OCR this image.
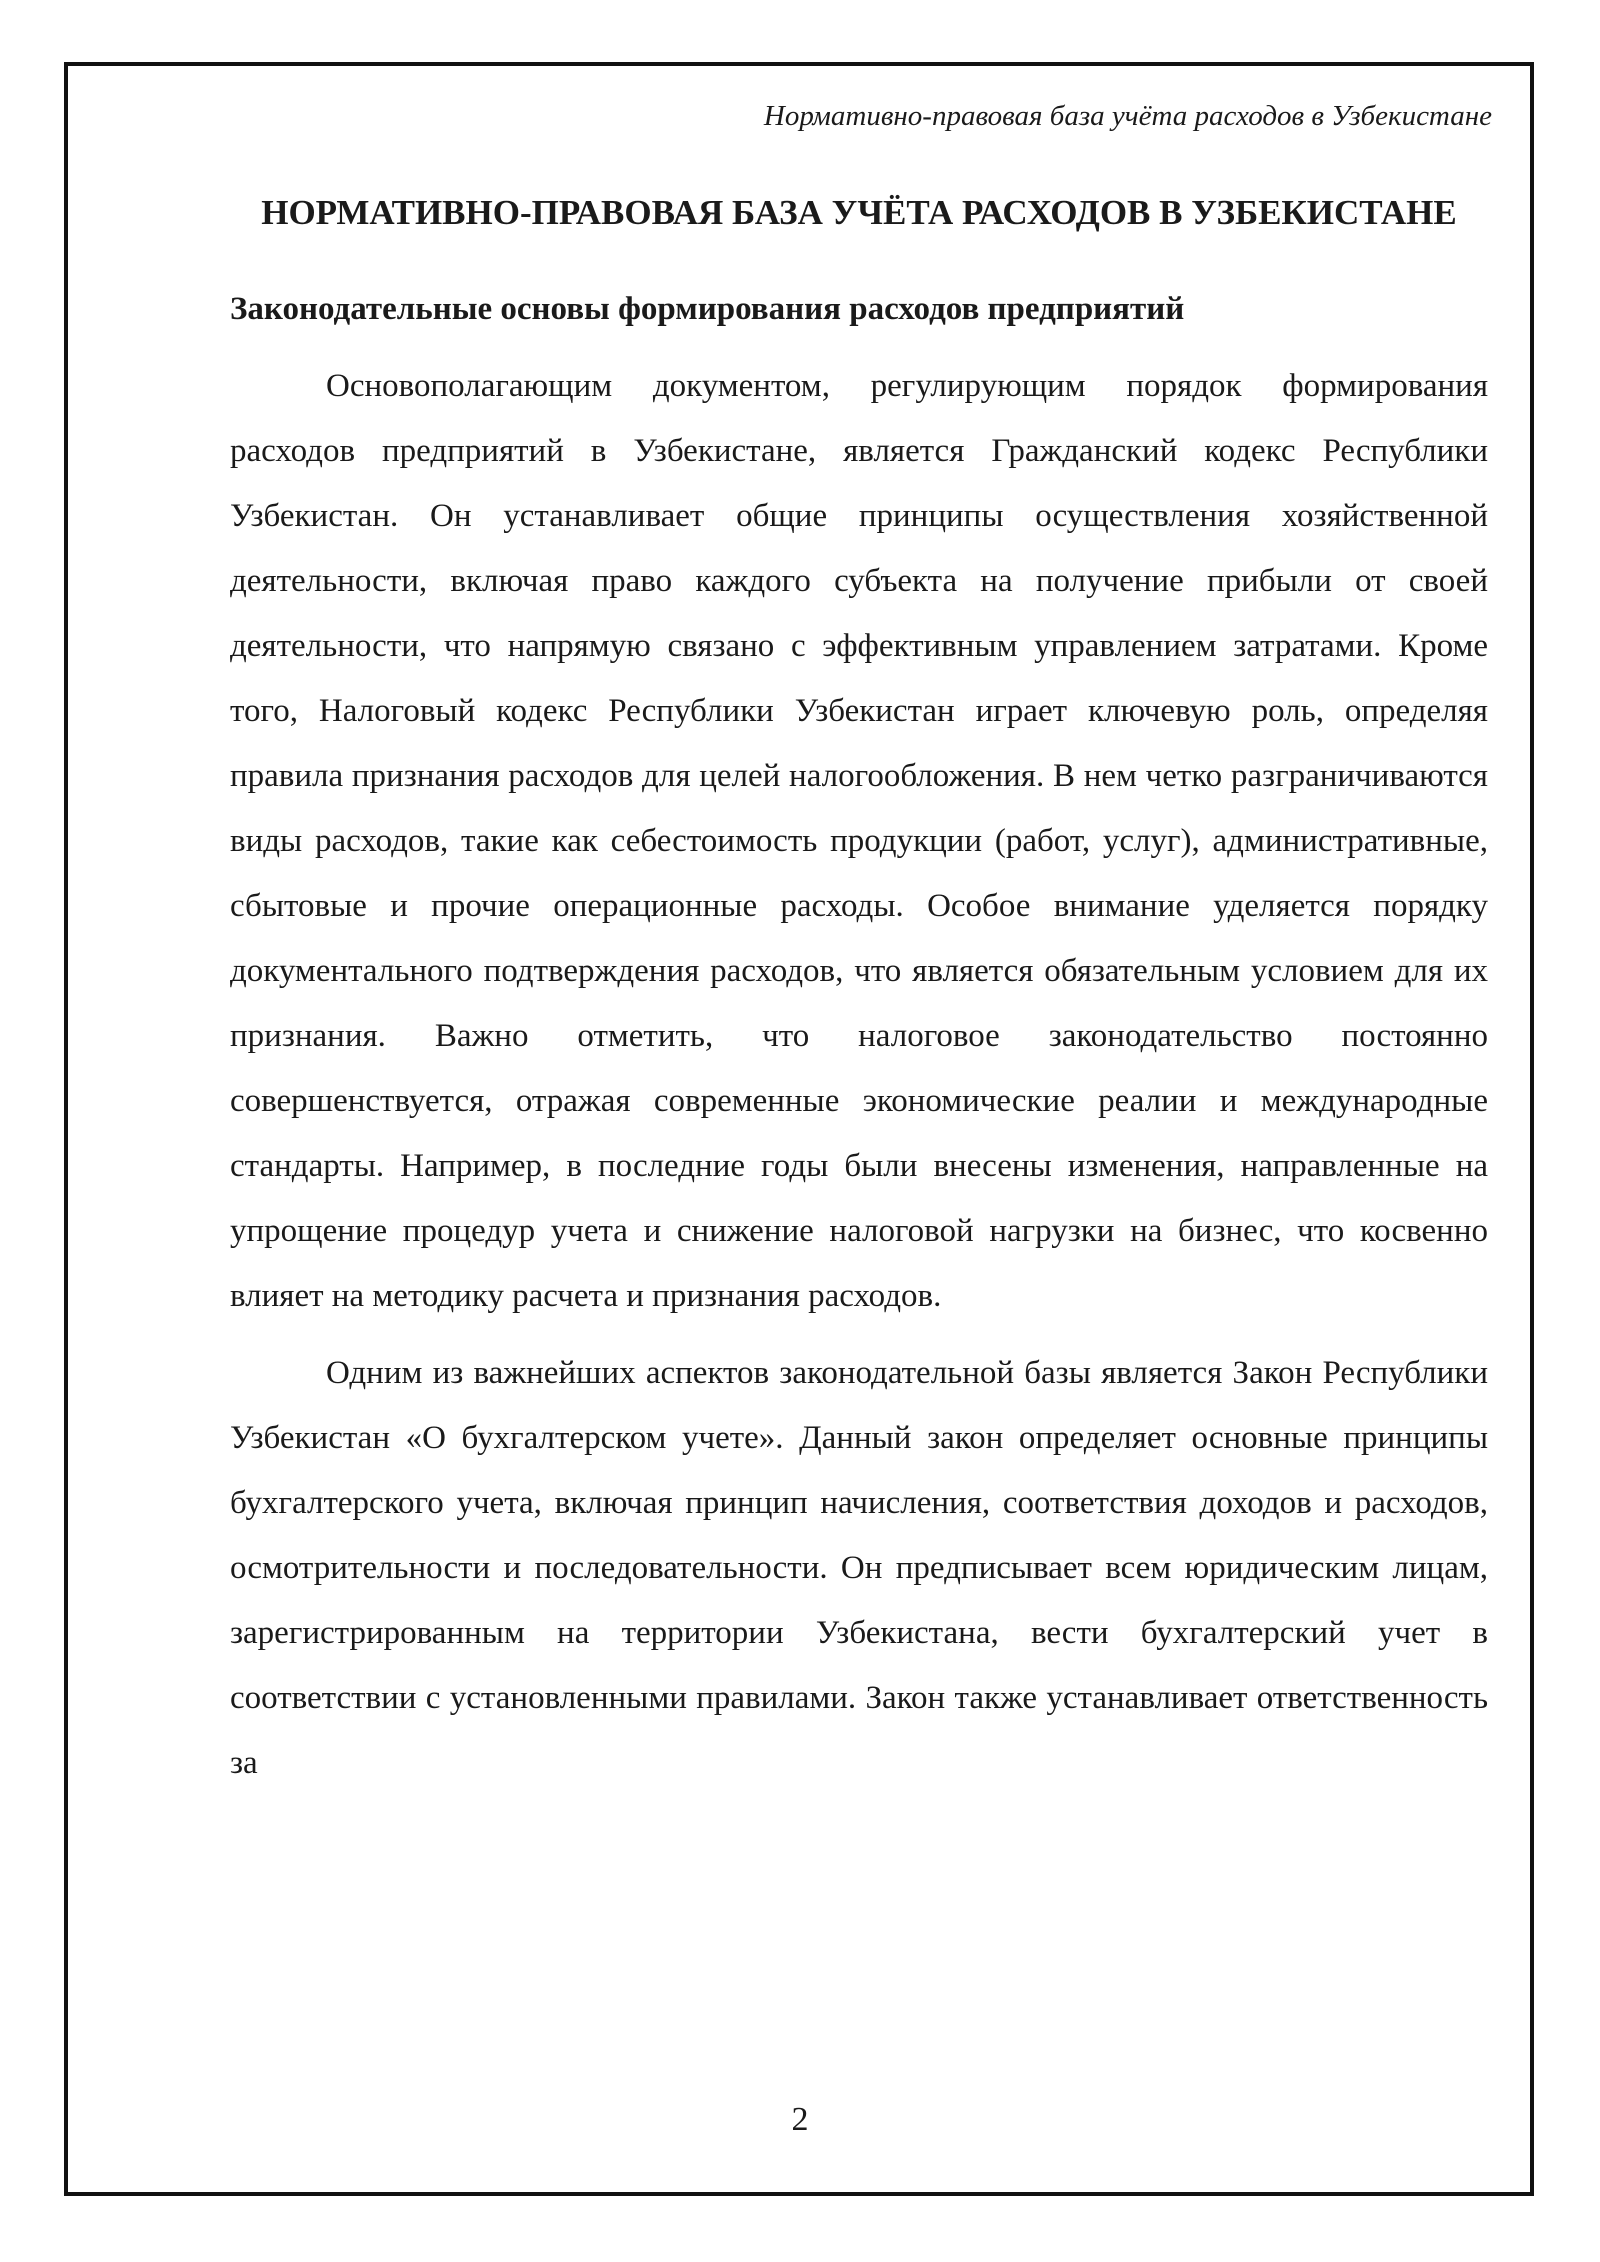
Нормативно-правовая база учёта расходов в Узбекистане
НОРМАТИВНО-ПРАВОВАЯ БАЗА УЧЁТА РАСХОДОВ В УЗБЕКИСТАНЕ
Законодательные основы формирования расходов предприятий

Основополагающим документом, регулирующим порядок формирования расходов предприятий в Узбекистане, является Гражданский кодекс Республики Узбекистан. Он устанавливает общие принципы осуществления хозяйственной деятельности, включая право каждого субъекта на получение прибыли от своей деятельности, что напрямую связано с эффективным управлением затратами. Кроме того, Налоговый кодекс Республики Узбекистан играет ключевую роль, определяя правила признания расходов для целей налогообложения. В нем четко разграничиваются виды расходов, такие как себестоимость продукции (работ, услуг), административные, сбытовые и прочие операционные расходы. Особое внимание уделяется порядку документального подтверждения расходов, что является обязательным условием для их признания. Важно отметить, что налоговое законодательство постоянно совершенствуется, отражая современные экономические реалии и международные стандарты. Например, в последние годы были внесены изменения, направленные на упрощение процедур учета и снижение налоговой нагрузки на бизнес, что косвенно влияет на методику расчета и признания расходов.

Одним из важнейших аспектов законодательной базы является Закон Республики Узбекистан «О бухгалтерском учете». Данный закон определяет основные принципы бухгалтерского учета, включая принцип начисления, соответствия доходов и расходов, осмотрительности и последовательности. Он предписывает всем юридическим лицам, зарегистрированным на территории Узбекистана, вести бухгалтерский учет в соответствии с установленными правилами. Закон также устанавливает ответственность за

2
